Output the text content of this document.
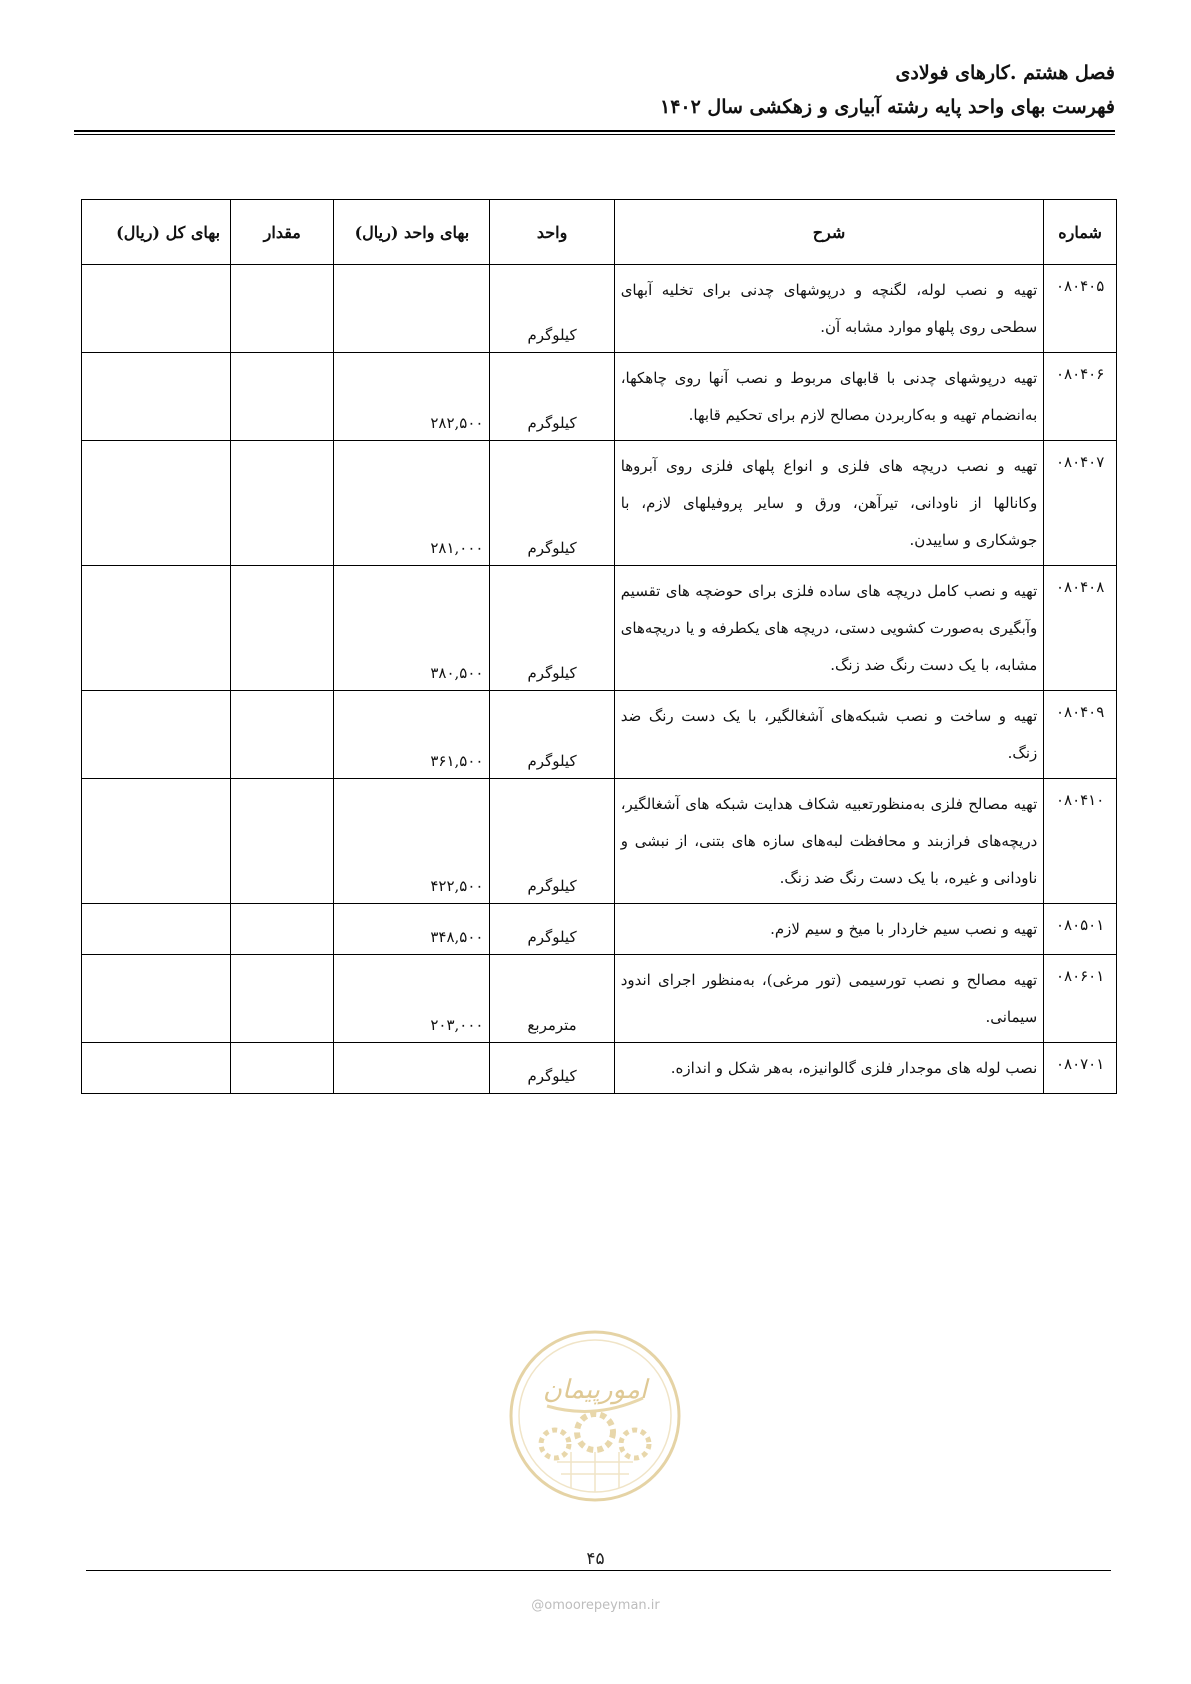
فصل هشتم .کارهای فولادی
فهرست بهای واحد پایه رشته آبیاری و زهکشی سال ۱۴۰۲
شماره	شرح	واحد	بهای واحد (ریال)	مقدار	بهای کل (ریال)
۰۸۰۴۰۵	تهیه و نصب لوله، لگنچه و درپوشهای چدنی برای تخلیه آبهای سطحی روی پلهاو موارد مشابه آن.	کیلوگرم			
۰۸۰۴۰۶	تهیه درپوشهای چدنی با قابهای مربوط و نصب آنها روی چاهکها، به‌انضمام تهیه و به‌کاربردن مصالح لازم برای تحکیم قابها.	کیلوگرم	۲۸۲,۵۰۰		
۰۸۰۴۰۷	تهیه و نصب دریچه های فلزی و انواع پلهای فلزی روی آبروها وکانالها از ناودانی، تیرآهن، ورق و سایر پروفیلهای لازم، با جوشکاری و ساییدن.	کیلوگرم	۲۸۱,۰۰۰		
۰۸۰۴۰۸	تهیه و نصب کامل دریچه های ساده فلزی برای حوضچه های تقسیم وآبگیری به‌صورت کشویی دستی، دریچه های یکطرفه و یا دریچه‌های مشابه، با یک دست رنگ ضد زنگ.	کیلوگرم	۳۸۰,۵۰۰		
۰۸۰۴۰۹	تهیه و ساخت و نصب شبکه‌های آشغالگیر، با یک دست رنگ ضد زنگ.	کیلوگرم	۳۶۱,۵۰۰		
۰۸۰۴۱۰	تهیه مصالح فلزی به‌منظورتعبیه شکاف هدایت شبکه های آشغالگیر، دریچه‌های فرازبند و محافظت لبه‌های سازه های بتنی، از نبشی و ناودانی و غیره، با یک دست رنگ ضد زنگ.	کیلوگرم	۴۲۲,۵۰۰		
۰۸۰۵۰۱	تهیه و نصب سیم خاردار با میخ و سیم لازم.	کیلوگرم	۳۴۸,۵۰۰		
۰۸۰۶۰۱	تهیه مصالح و نصب تورسیمی (تور مرغی)، به‌منظور اجرای اندود سیمانی.	مترمربع	۲۰۳,۰۰۰		
۰۸۰۷۰۱	نصب لوله های موجدار فلزی گالوانیزه، به‌هر شکل و اندازه.	کیلوگرم			
امورپیمان
۴۵
@omoorepeyman.ir
